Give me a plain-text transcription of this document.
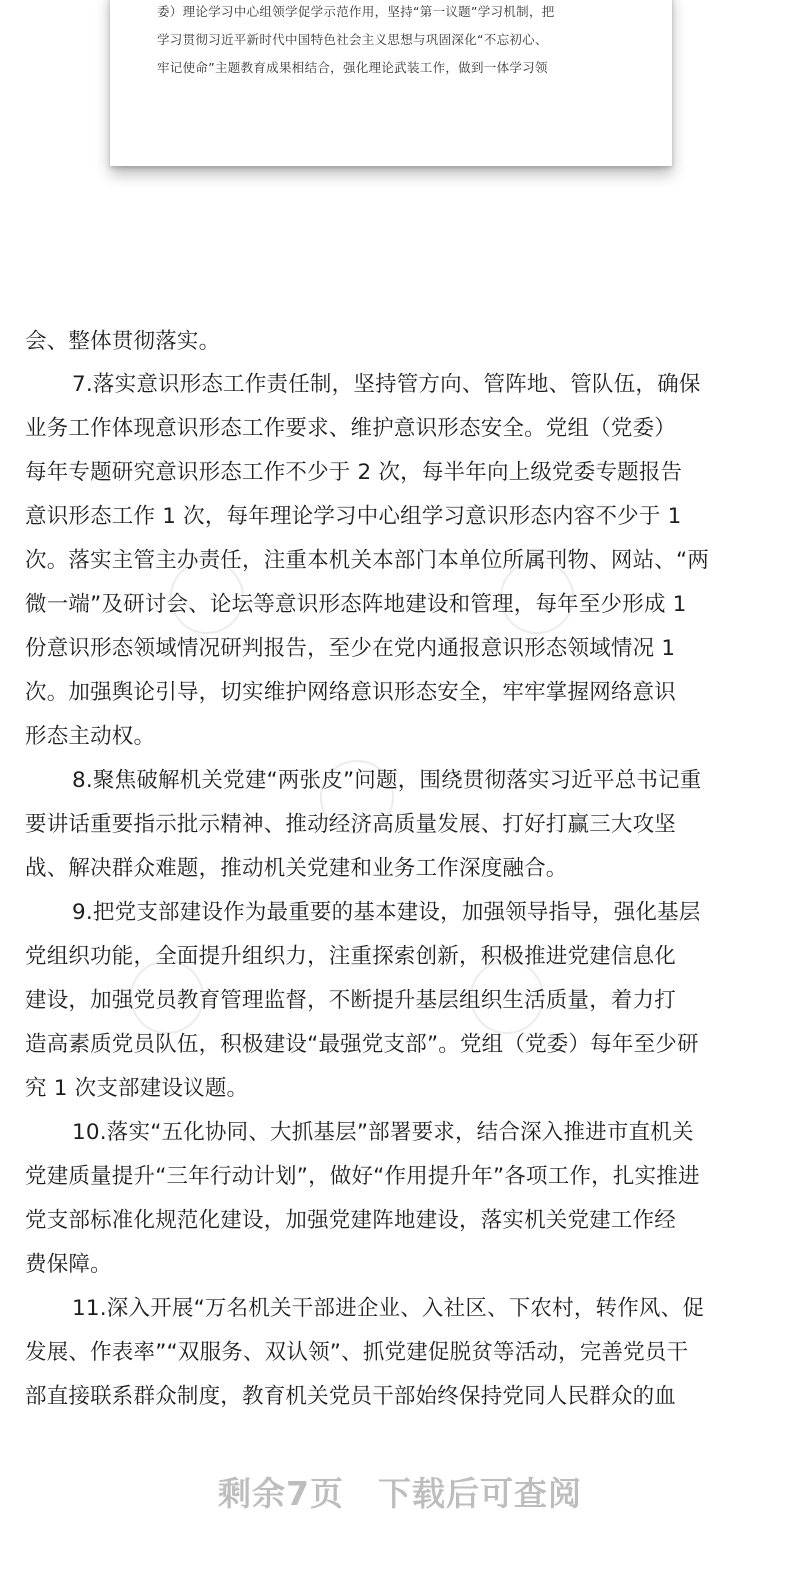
委）理论学习中心组领学促学示范作用，坚持“第一议题”学习机制，把
学习贯彻习近平新时代中国特色社会主义思想与巩固深化“不忘初心、
牢记使命”主题教育成果相结合，强化理论武装工作，做到一体学习领
会、整体贯彻落实。
7.落实意识形态工作责任制，坚持管方向、管阵地、管队伍，确保
业务工作体现意识形态工作要求、维护意识形态安全。党组（党委）
每年专题研究意识形态工作不少于 2 次，每半年向上级党委专题报告
意识形态工作 1 次，每年理论学习中心组学习意识形态内容不少于 1
次。落实主管主办责任，注重本机关本部门本单位所属刊物、网站、“两
微一端”及研讨会、论坛等意识形态阵地建设和管理，每年至少形成 1
份意识形态领域情况研判报告，至少在党内通报意识形态领域情况 1
次。加强舆论引导，切实维护网络意识形态安全，牢牢掌握网络意识
形态主动权。
8.聚焦破解机关党建“两张皮”问题，围绕贯彻落实习近平总书记重
要讲话重要指示批示精神、推动经济高质量发展、打好打赢三大攻坚
战、解决群众难题，推动机关党建和业务工作深度融合。
9.把党支部建设作为最重要的基本建设，加强领导指导，强化基层
党组织功能，全面提升组织力，注重探索创新，积极推进党建信息化
建设，加强党员教育管理监督，不断提升基层组织生活质量，着力打
造高素质党员队伍，积极建设“最强党支部”。党组（党委）每年至少研
究 1 次支部建设议题。
10.落实“五化协同、大抓基层”部署要求，结合深入推进市直机关
党建质量提升“三年行动计划”，做好“作用提升年”各项工作，扎实推进
党支部标准化规范化建设，加强党建阵地建设，落实机关党建工作经
费保障。
11.深入开展“万名机关干部进企业、入社区、下农村，转作风、促
发展、作表率”“双服务、双认领”、抓党建促脱贫等活动，完善党员干
部直接联系群众制度，教育机关党员干部始终保持党同人民群众的血
剩余7页 下载后可查阅
